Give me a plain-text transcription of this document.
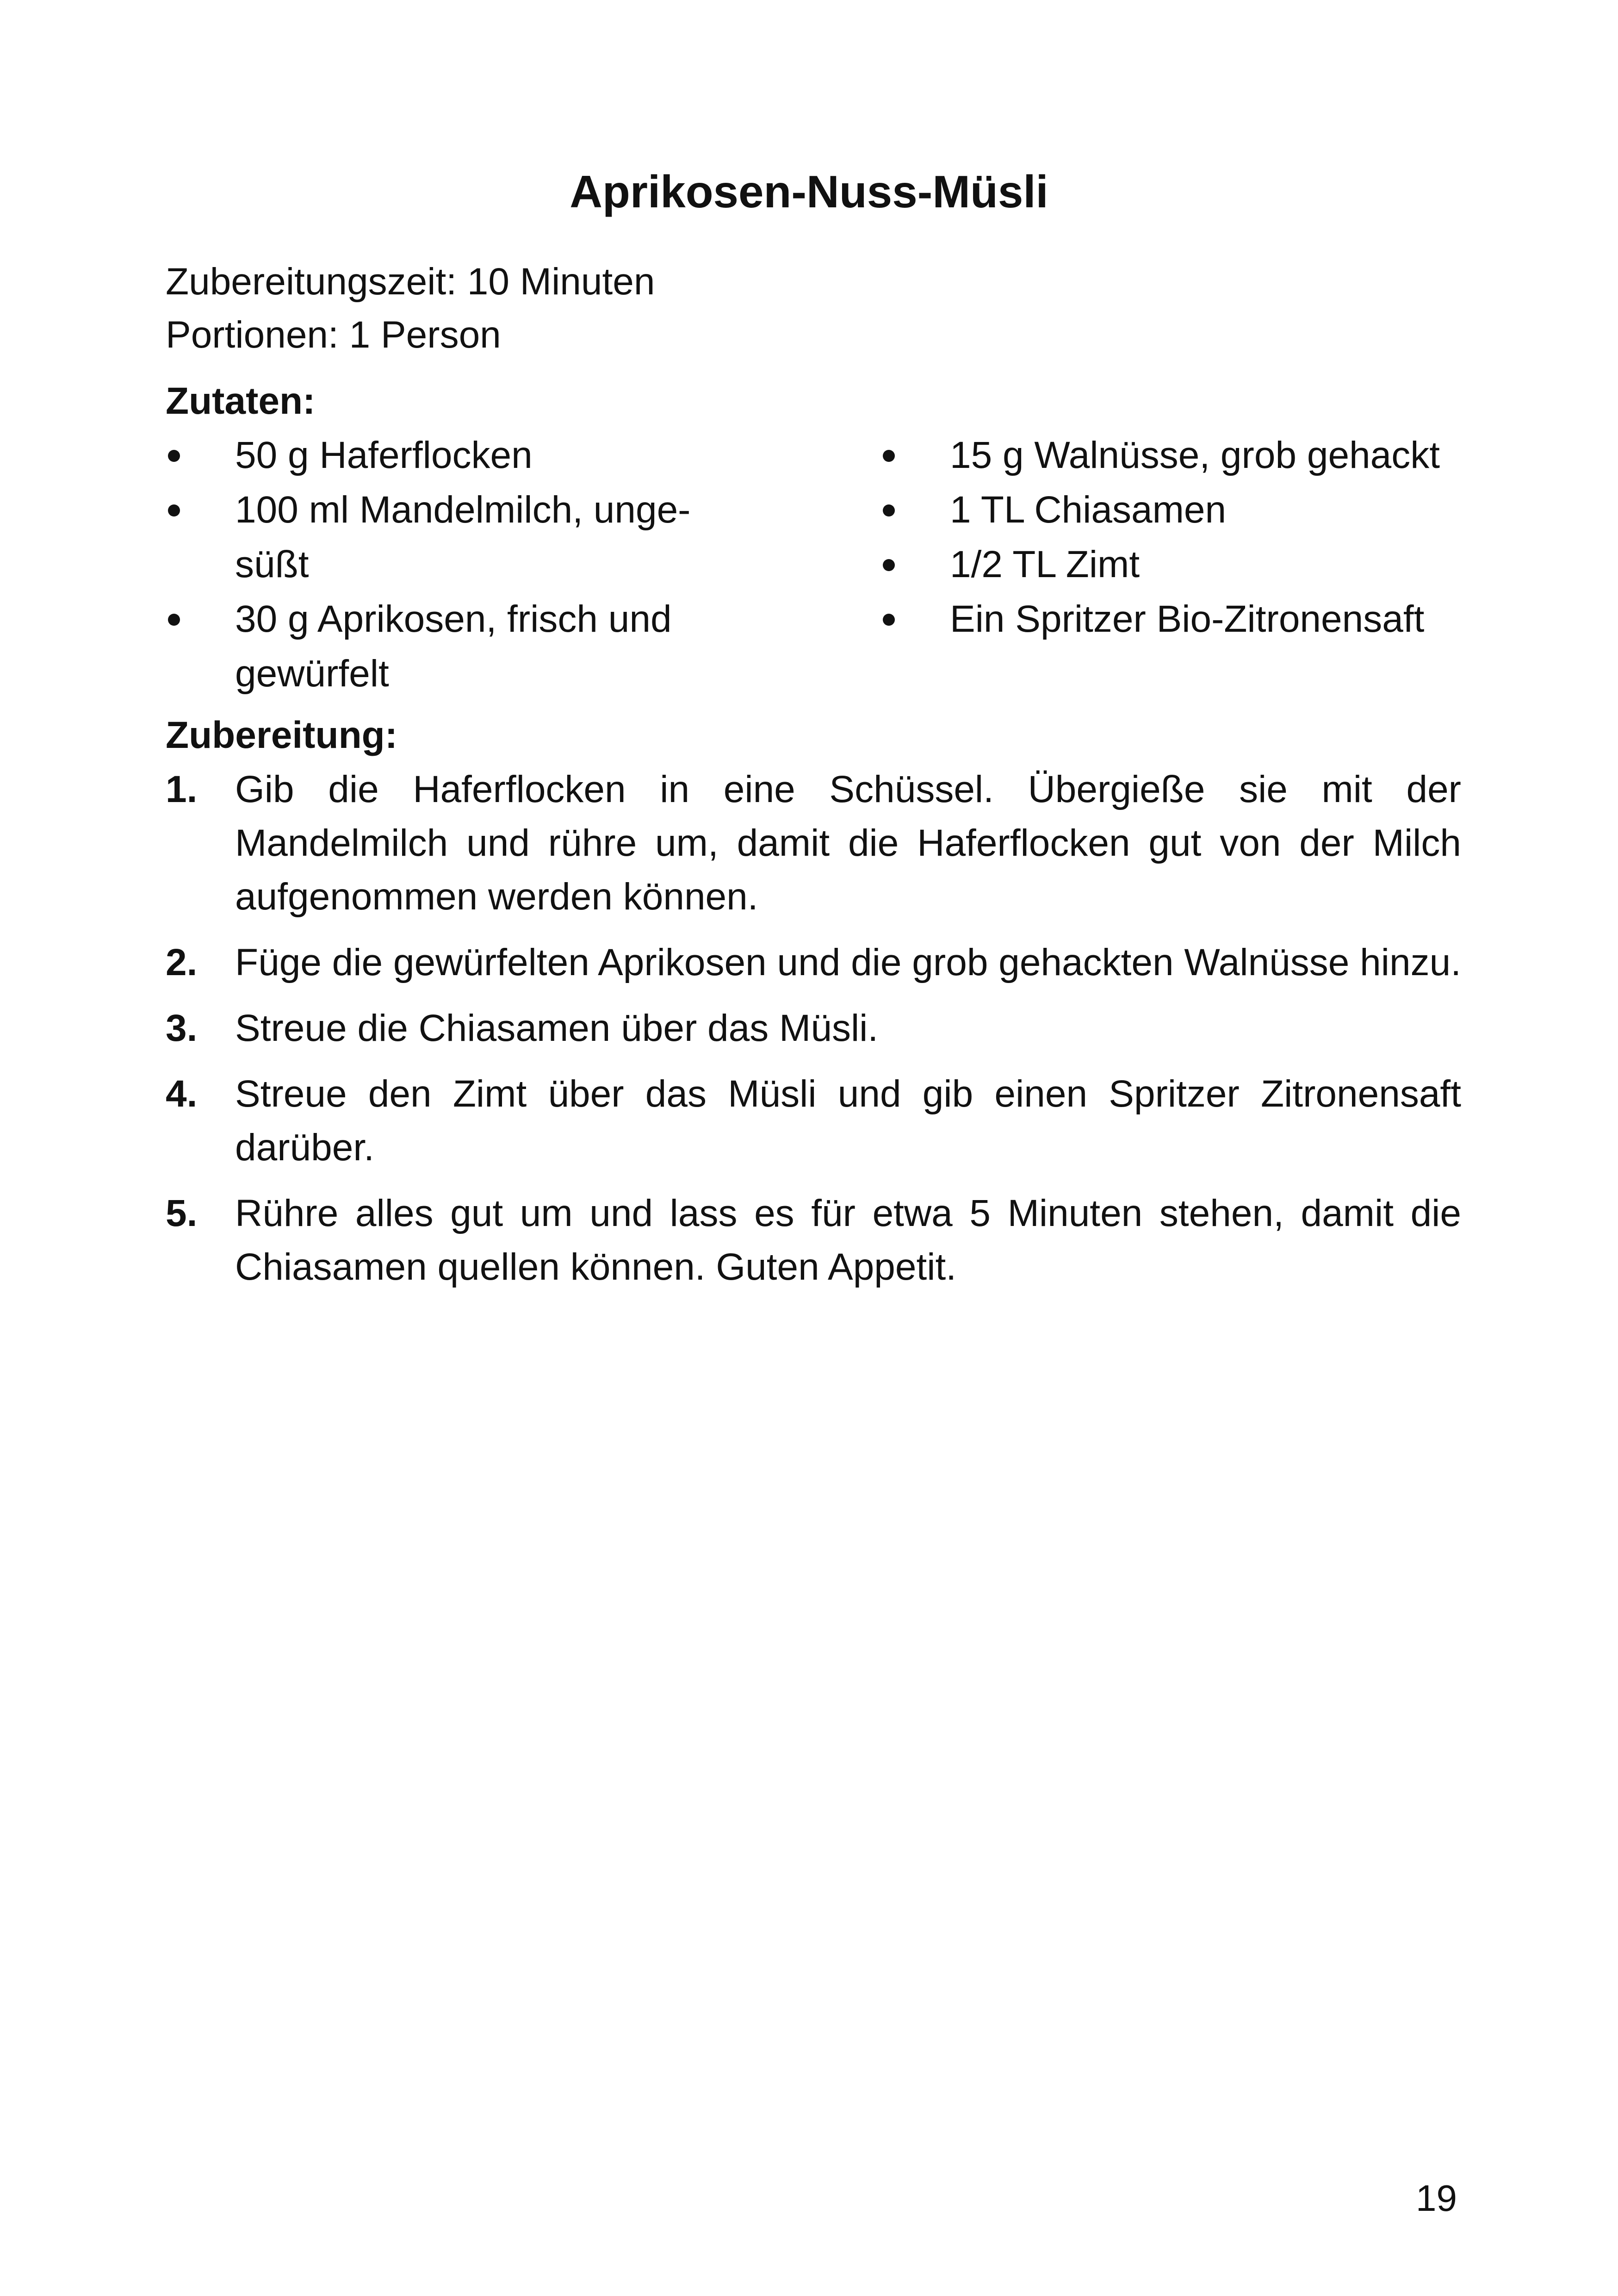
Aprikosen-Nuss-Müsli
Zubereitungszeit: 10 Minuten
Portionen: 1 Person
Zutaten:
50 g Haferflocken
100 ml Mandelmilch, unge-süßt
30 g Aprikosen, frisch und gewürfelt
15 g Walnüsse, grob gehackt
1 TL Chiasamen
1/2 TL Zimt
Ein Spritzer Bio-Zitronensaft
Zubereitung:
1. Gib die Haferflocken in eine Schüssel. Übergieße sie mit der Mandelmilch und rühre um, damit die Haferflocken gut von der Milch aufgenommen werden können.
2. Füge die gewürfelten Aprikosen und die grob gehackten Walnüsse hinzu.
3. Streue die Chiasamen über das Müsli.
4. Streue den Zimt über das Müsli und gib einen Spritzer Zitronensaft darüber.
5. Rühre alles gut um und lass es für etwa 5 Minuten stehen, damit die Chiasamen quellen können. Guten Appetit.
19
